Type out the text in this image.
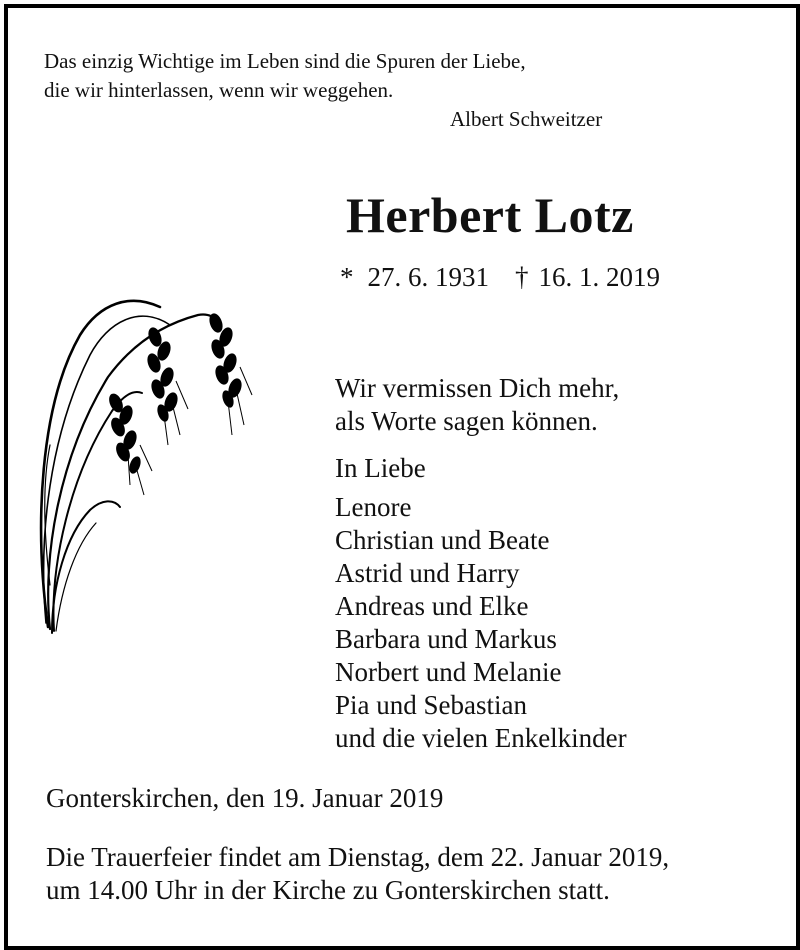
Das einzig Wichtige im Leben sind die Spuren der Liebe,
die wir hinterlassen, wenn wir weggehen.
Albert Schweitzer
Herbert Lotz
* 27. 6. 1931 † 16. 1. 2019
Wir vermissen Dich mehr,
als Worte sagen können.
In Liebe
Lenore
Christian und Beate
Astrid und Harry
Andreas und Elke
Barbara und Markus
Norbert und Melanie
Pia und Sebastian
und die vielen Enkelkinder
Gonterskirchen, den 19. Januar 2019
Die Trauerfeier findet am Dienstag, dem 22. Januar 2019,
um 14.00 Uhr in der Kirche zu Gonterskirchen statt.
